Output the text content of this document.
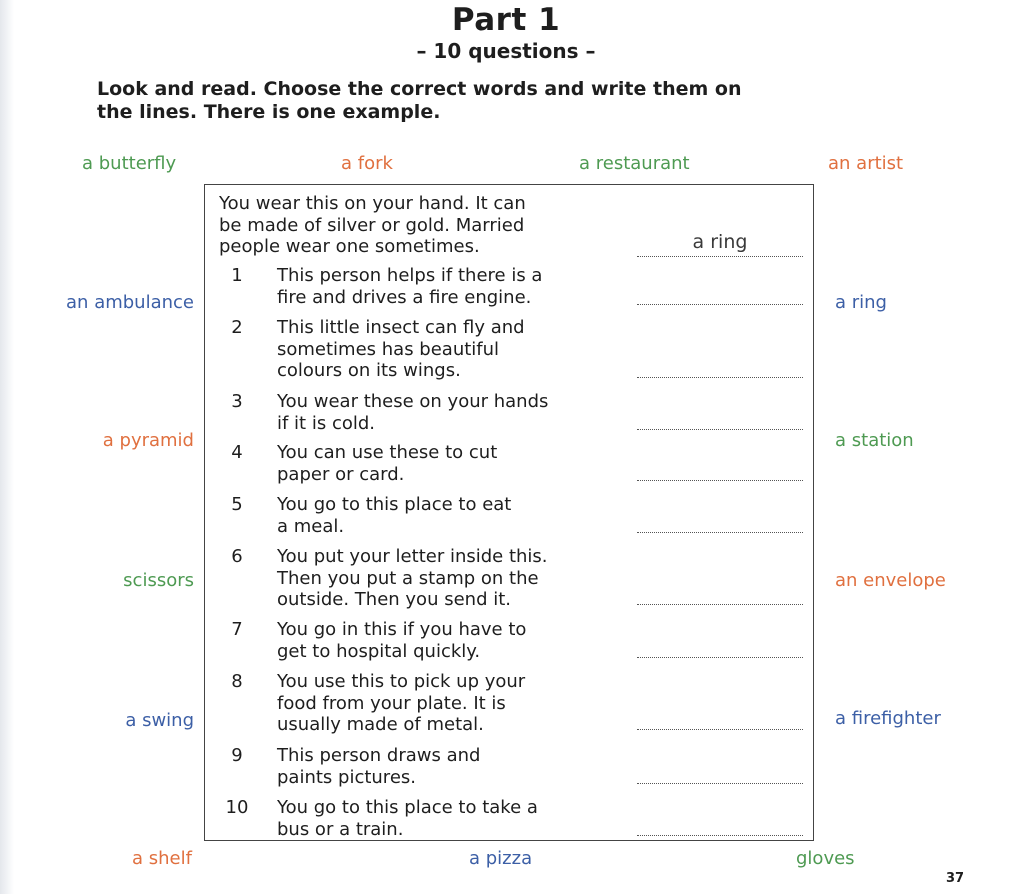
Part 1
– 10 questions –
Look and read. Choose the correct words and write them on
the lines. There is one example.
a butterfly	a fork	a restaurant	an artist
an ambulance
a pyramid
scissors
a swing
a ring
a station
an envelope
a firefighter
a shelf	a pizza	gloves
You wear this on your hand. It can
be made of silver or gold. Married
people wear one sometimes.	a ring
1	This person helps if there is a
fire and drives a fire engine.
2	This little insect can fly and
sometimes has beautiful
colours on its wings.
3	You wear these on your hands
if it is cold.
4	You can use these to cut
paper or card.
5	You go to this place to eat
a meal.
6	You put your letter inside this.
Then you put a stamp on the
outside. Then you send it.
7	You go in this if you have to
get to hospital quickly.
8	You use this to pick up your
food from your plate. It is
usually made of metal.
9	This person draws and
paints pictures.
10	You go to this place to take a
bus or a train.
37
